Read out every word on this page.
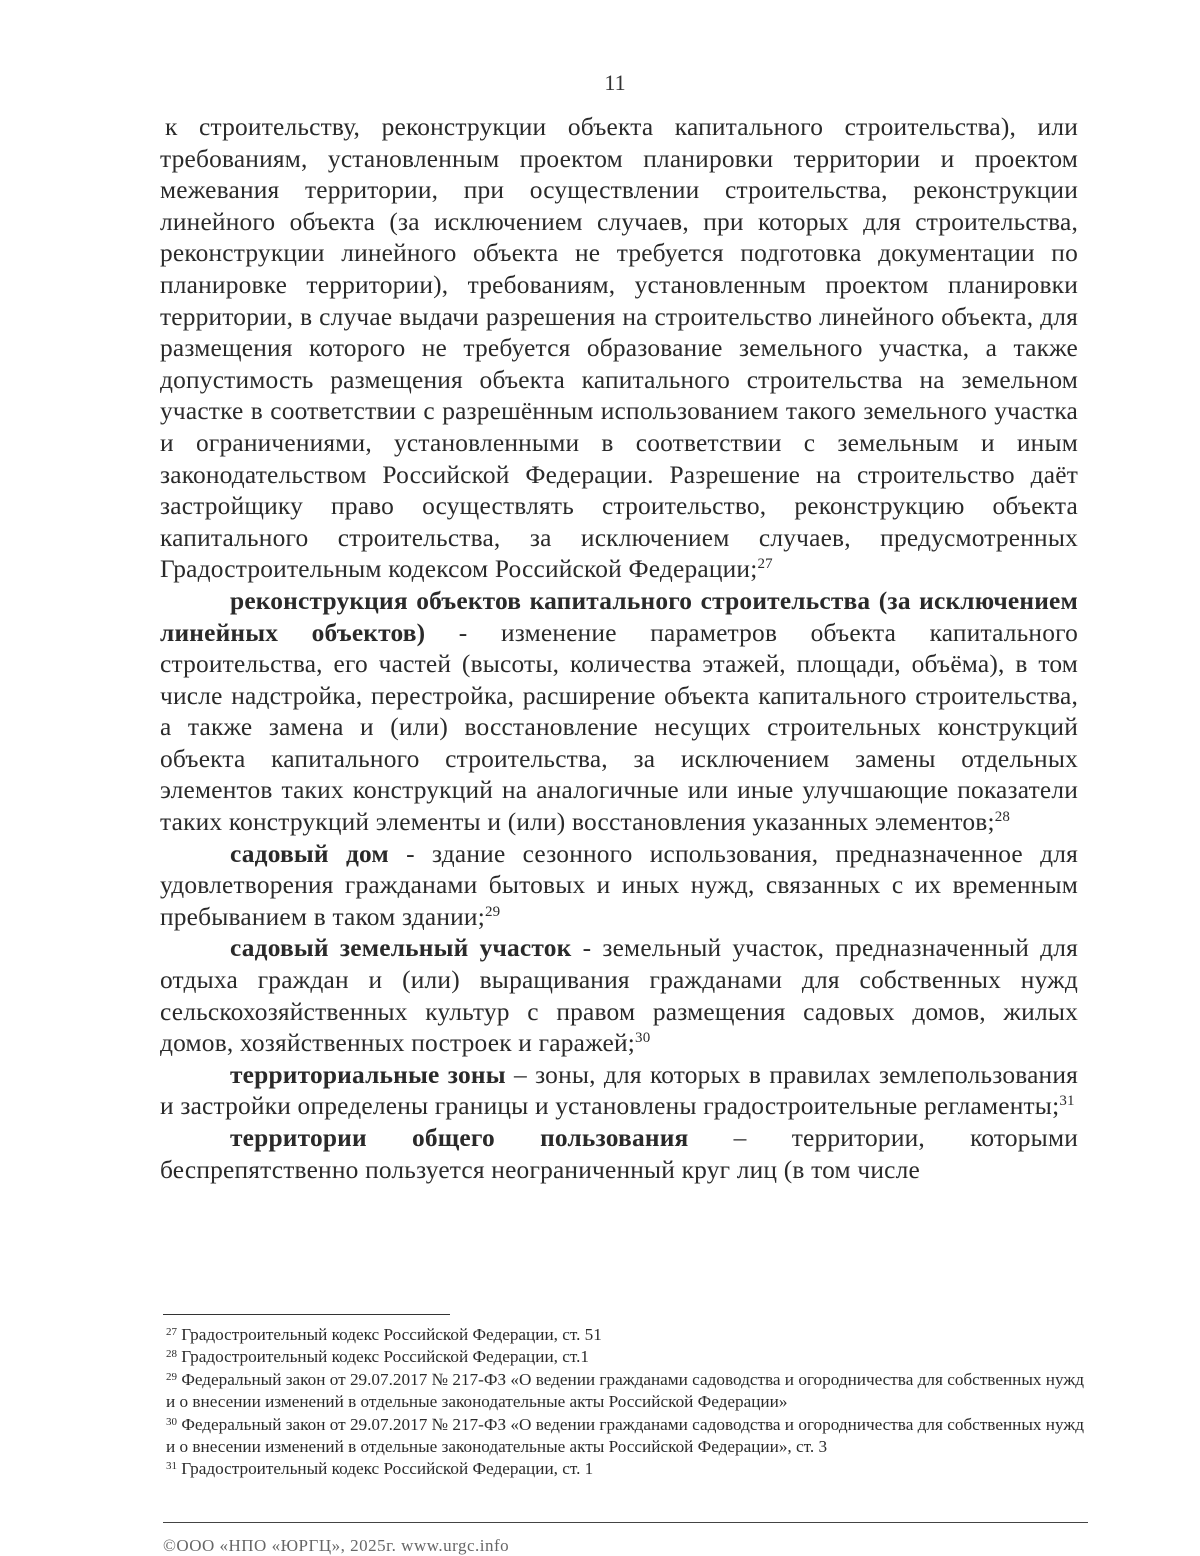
11

к строительству, реконструкции объекта капитального строительства), или требованиям, установленным проектом планировки территории и проектом межевания территории, при осуществлении строительства, реконструкции линейного объекта (за исключением случаев, при которых для строительства, реконструкции линейного объекта не требуется подготовка документации по планировке территории), требованиям, установленным проектом планировки территории, в случае выдачи разрешения на строительство линейного объекта, для размещения которого не требуется образование земельного участка, а также допустимость размещения объекта капитального строительства на земельном участке в соответствии с разрешённым использованием такого земельного участка и ограничениями, установленными в соответствии с земельным и иным законодательством Российской Федерации. Разрешение на строительство даёт застройщику право осуществлять строительство, реконструкцию объекта капитального строительства, за исключением случаев, предусмотренных Градостроительным кодексом Российской Федерации;$^{27}$

реконструкция объектов капитального строительства (за исключением линейных объектов) - изменение параметров объекта капитального строительства, его частей (высоты, количества этажей, площади, объёма), в том числе надстройка, перестройка, расширение объекта капитального строительства, а также замена и (или) восстановление несущих строительных конструкций объекта капитального строительства, за исключением замены отдельных элементов таких конструкций на аналогичные или иные улучшающие показатели таких конструкций элементы и (или) восстановления указанных элементов;$^{28}$

садовый дом - здание сезонного использования, предназначенное для удовлетворения гражданами бытовых и иных нужд, связанных с их временным пребыванием в таком здании;$^{29}$

садовый земельный участок - земельный участок, предназначенный для отдыха граждан и (или) выращивания гражданами для собственных нужд сельскохозяйственных культур с правом размещения садовых домов, жилых домов, хозяйственных построек и гаражей;$^{30}$

территориальные зоны – зоны, для которых в правилах землепользования и застройки определены границы и установлены градостроительные регламенты;$^{31}$

территории общего пользования – территории, которыми беспрепятственно пользуется неограниченный круг лиц (в том числе

$^{27}$ Градостроительный кодекс Российской Федерации, ст. 51

$^{28}$ Градостроительный кодекс Российской Федерации, ст.1

$^{29}$ Федеральный закон от 29.07.2017 № 217-ФЗ «О ведении гражданами садоводства и огородничества для собственных нужд и о внесении изменений в отдельные законодательные акты Российской Федерации»

$^{30}$ Федеральный закон от 29.07.2017 № 217-ФЗ «О ведении гражданами садоводства и огородничества для собственных нужд и о внесении изменений в отдельные законодательные акты Российской Федерации», ст. 3

$^{31}$ Градостроительный кодекс Российской Федерации, ст. 1

©ООО «НПО «ЮРГЦ», 2025г. www.urgc.info
